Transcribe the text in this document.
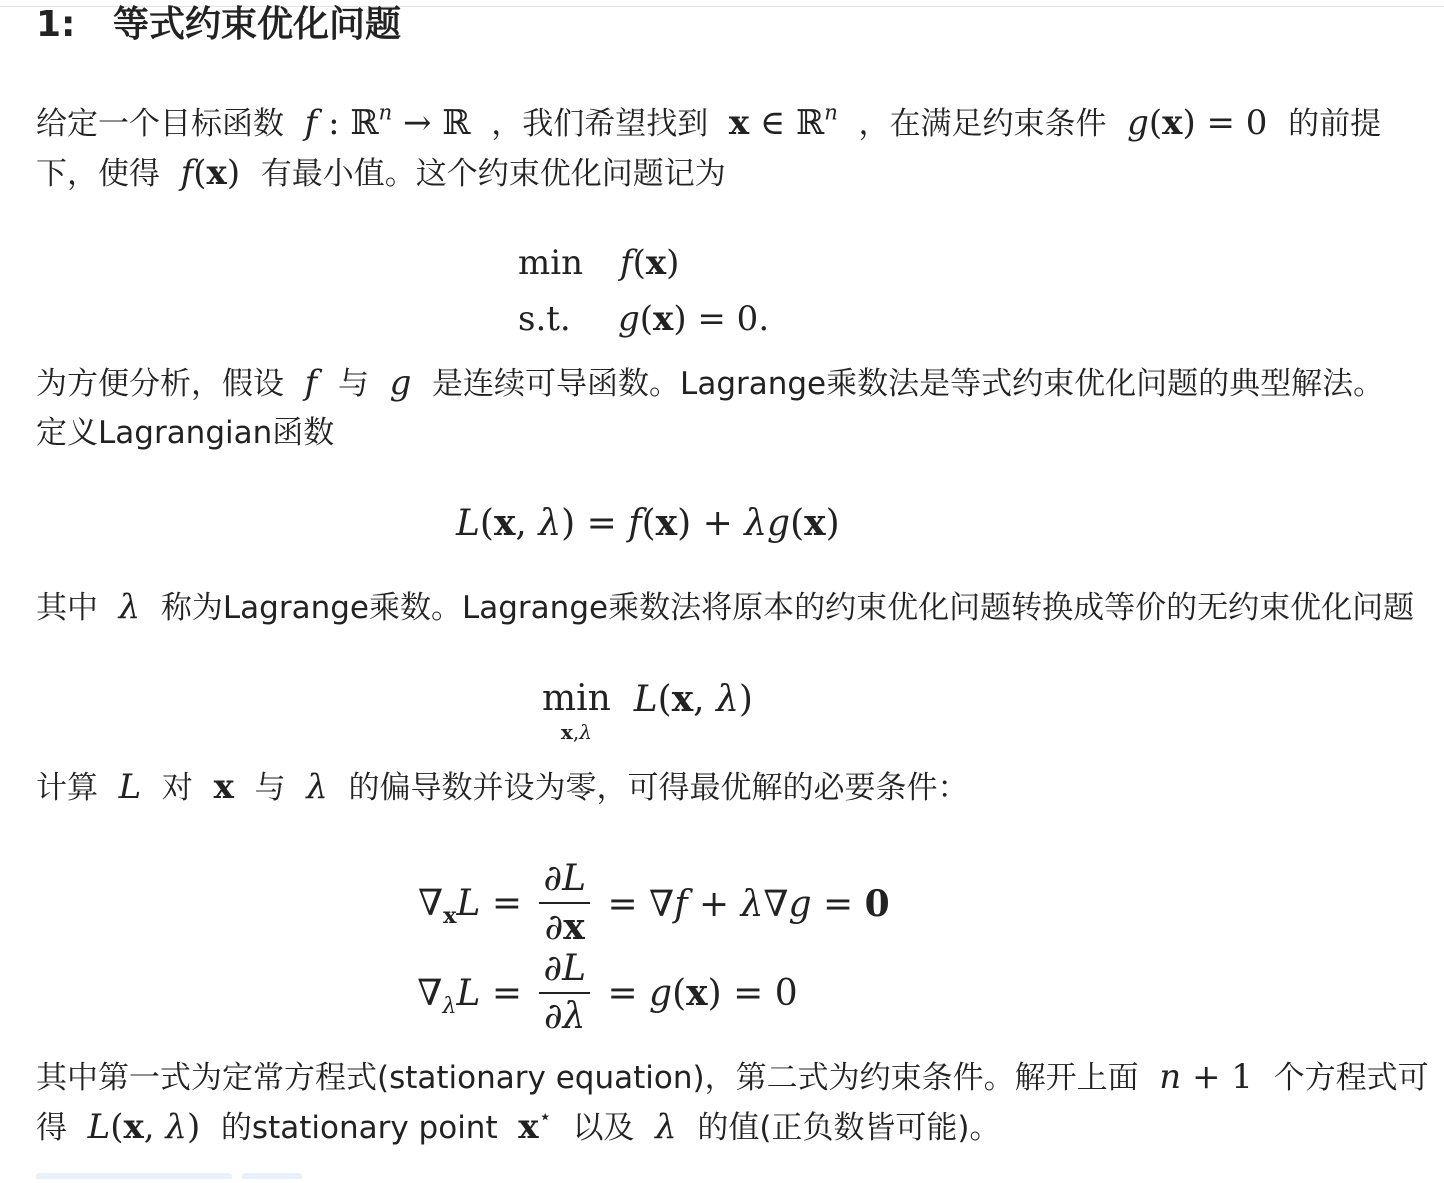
1:   等式约束优化问题
给定一个目标函数 f : ℝ$^n$ → ℝ  ，我们希望找到 x ∈ ℝ$^n$ ，在满足约束条件 g(x) = 0  的前提
下，使得 f(x)  有最小值。这个约束优化问题记为
min f(x)
s.t. g(x) = 0.
为方便分析，假设 f 与 g 是连续可导函数。Lagrange乘数法是等式约束优化问题的典型解法。
定义Lagrangian函数
L(x, λ) = f(x) + λg(x)
其中 λ 称为Lagrange乘数。Lagrange乘数法将原本的约束优化问题转换成等价的无约束优化问题
min
x,λ
L(x, λ)
计算 L 对 x 与 λ 的偏导数并设为零，可得最优解的必要条件：
$\nabla_xL = \frac{\partial L}{\partial x} = \nabla f + \lambda\nabla g = 0$
$\nabla_\lambda L = \frac{\partial L}{\partial\lambda} = g(x) = 0$
其中第一式为定常方程式(stationary equation)，第二式为约束条件。解开上面 n + 1  个方程式可
得 L(x, λ)  的stationary point x⋆ 以及 λ 的值(正负数皆可能)。
